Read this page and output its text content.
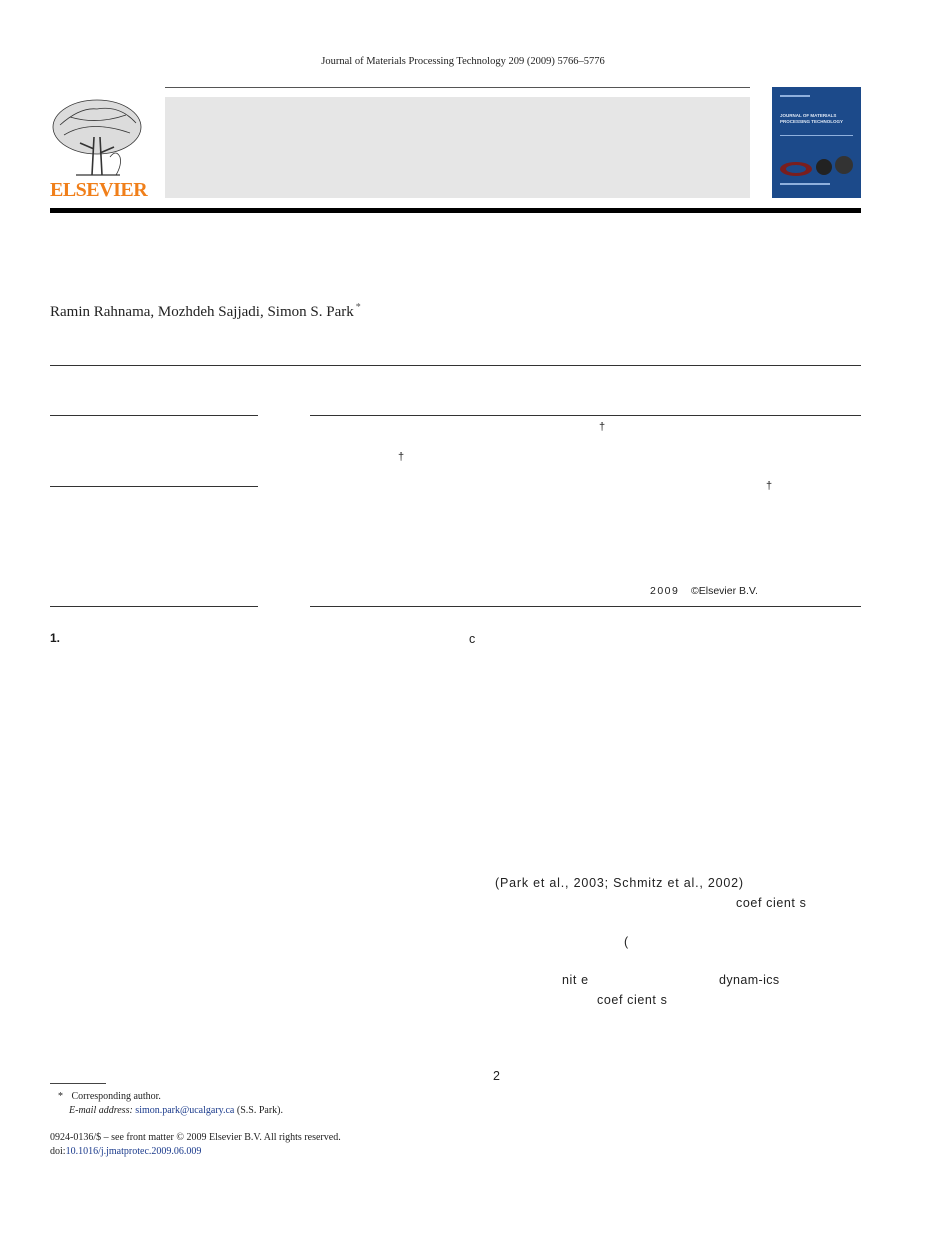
Journal of Materials Processing Technology 209 (2009) 5766–5776
ELSEVIER
JOURNAL OF MATERIALS PROCESSING TECHNOLOGY
Ramin Rahnama, Mozhdeh Sajjadi, Simon S. Park *
†
†
†
2009 ©Elsevier B.V.
1.	c
(Park et al., 2003; Schmitz et al., 2002)
coef cient s
(
nit e	dynam-ics
coef cient s
2
* Corresponding author.
E-mail address: simon.park@ucalgary.ca (S.S. Park).
0924-0136/$ – see front matter © 2009 Elsevier B.V. All rights reserved.
doi:10.1016/j.jmatprotec.2009.06.009
